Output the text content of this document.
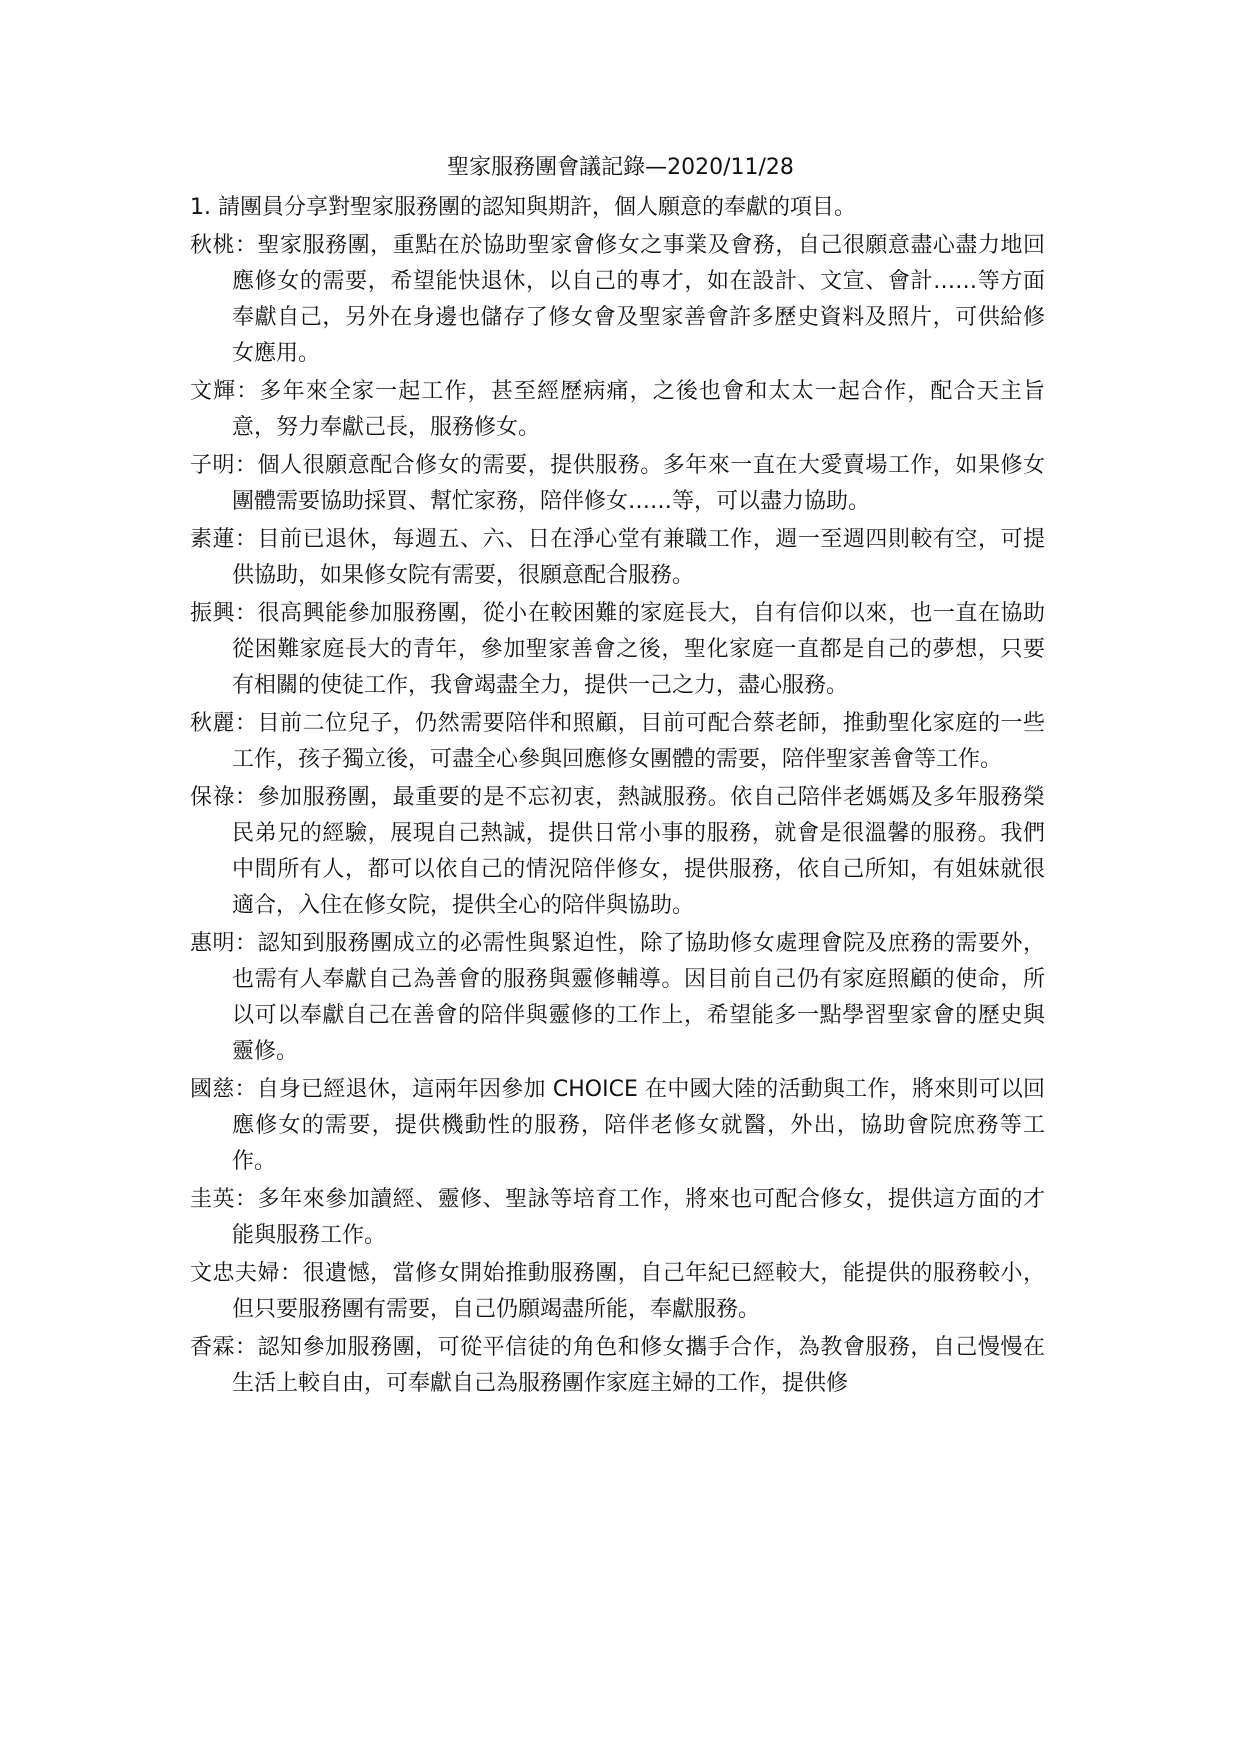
聖家服務團會議記錄—2020/11/28

1. 請團員分享對聖家服務團的認知與期許，個人願意的奉獻的項目。

秋桃：聖家服務團，重點在於協助聖家會修女之事業及會務，自己很願意盡心盡力地回應修女的需要，希望能快退休，以自己的專才，如在設計、文宣、會計……等方面奉獻自己，另外在身邊也儲存了修女會及聖家善會許多歷史資料及照片，可供給修女應用。

文輝：多年來全家一起工作，甚至經歷病痛，之後也會和太太一起合作，配合天主旨意，努力奉獻己長，服務修女。

子明：個人很願意配合修女的需要，提供服務。多年來一直在大愛賣場工作，如果修女團體需要協助採買、幫忙家務，陪伴修女……等，可以盡力協助。

素蓮：目前已退休，每週五、六、日在淨心堂有兼職工作，週一至週四則較有空，可提供協助，如果修女院有需要，很願意配合服務。

振興：很高興能參加服務團，從小在較困難的家庭長大，自有信仰以來，也一直在協助從困難家庭長大的青年，參加聖家善會之後，聖化家庭一直都是自己的夢想，只要有相關的使徒工作，我會竭盡全力，提供一己之力，盡心服務。

秋麗：目前二位兒子，仍然需要陪伴和照顧，目前可配合蔡老師，推動聖化家庭的一些工作，孩子獨立後，可盡全心參與回應修女團體的需要，陪伴聖家善會等工作。

保祿：參加服務團，最重要的是不忘初衷，熱誠服務。依自己陪伴老媽媽及多年服務榮民弟兄的經驗，展現自己熱誠，提供日常小事的服務，就會是很溫馨的服務。我們中間所有人，都可以依自己的情況陪伴修女，提供服務，依自己所知，有姐妹就很適合，入住在修女院，提供全心的陪伴與協助。

惠明：認知到服務團成立的必需性與緊迫性，除了協助修女處理會院及庶務的需要外，也需有人奉獻自己為善會的服務與靈修輔導。因目前自己仍有家庭照顧的使命，所以可以奉獻自己在善會的陪伴與靈修的工作上，希望能多一點學習聖家會的歷史與靈修。

國慈：自身已經退休，這兩年因參加 CHOICE 在中國大陸的活動與工作，將來則可以回應修女的需要，提供機動性的服務，陪伴老修女就醫，外出，協助會院庶務等工作。

圭英：多年來參加讀經、靈修、聖詠等培育工作，將來也可配合修女，提供這方面的才能與服務工作。

文忠夫婦：很遺憾，當修女開始推動服務團，自己年紀已經較大，能提供的服務較小，但只要服務團有需要，自己仍願竭盡所能，奉獻服務。

香霖：認知參加服務團，可從平信徒的角色和修女攜手合作，為教會服務，自己慢慢在生活上較自由，可奉獻自己為服務團作家庭主婦的工作，提供修
